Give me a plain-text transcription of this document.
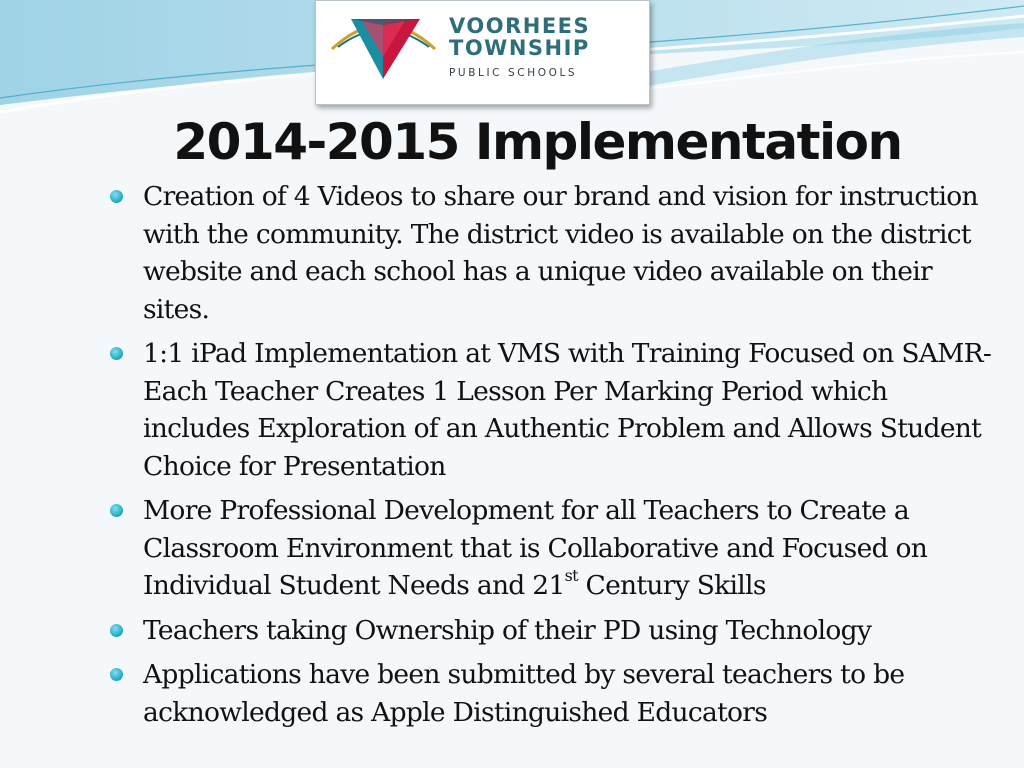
VOORHEES
TOWNSHIP
PUBLIC SCHOOLS
2014-2015 Implementation
Creation of 4 Videos to share our brand and vision for instruction with the community. The district video is available on the district website and each school has a unique video available on their sites.
1:1 iPad Implementation at VMS with Training Focused on SAMR- Each Teacher Creates 1 Lesson Per Marking Period which includes Exploration of an Authentic Problem and Allows Student Choice for Presentation
More Professional Development for all Teachers to Create a Classroom Environment that is Collaborative and Focused on Individual Student Needs and 21st Century Skills
Teachers taking Ownership of their PD using Technology
Applications have been submitted by several teachers to be acknowledged as Apple Distinguished Educators
